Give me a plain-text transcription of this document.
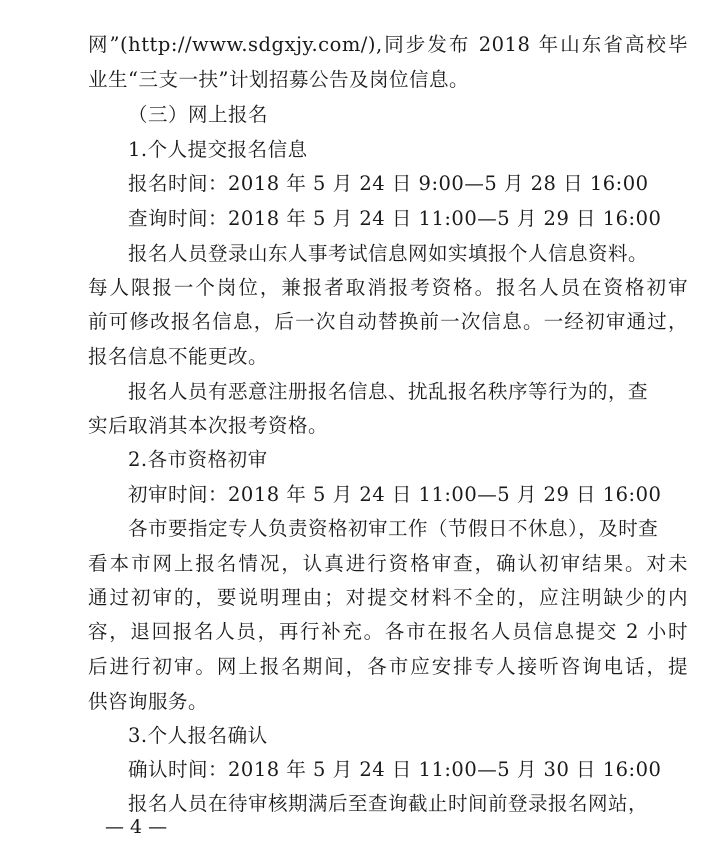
网”(http://www.sdgxjy.com/),同步发布 2018 年山东省高校毕
业生“三支一扶”计划招募公告及岗位信息。
（三）网上报名
1.个人提交报名信息
报名时间：2018 年 5 月 24 日 9:00—5 月 28 日 16:00
查询时间：2018 年 5 月 24 日 11:00—5 月 29 日 16:00
报名人员登录山东人事考试信息网如实填报个人信息资料。
每人限报一个岗位，兼报者取消报考资格。报名人员在资格初审
前可修改报名信息，后一次自动替换前一次信息。一经初审通过，
报名信息不能更改。
报名人员有恶意注册报名信息、扰乱报名秩序等行为的，查
实后取消其本次报考资格。
2.各市资格初审
初审时间：2018 年 5 月 24 日 11:00—5 月 29 日 16:00
各市要指定专人负责资格初审工作（节假日不休息），及时查
看本市网上报名情况，认真进行资格审查，确认初审结果。对未
通过初审的，要说明理由；对提交材料不全的，应注明缺少的内
容，退回报名人员，再行补充。各市在报名人员信息提交 2 小时
后进行初审。网上报名期间，各市应安排专人接听咨询电话，提
供咨询服务。
3.个人报名确认
确认时间：2018 年 5 月 24 日 11:00—5 月 30 日 16:00
报名人员在待审核期满后至查询截止时间前登录报名网站，
— 4 —
